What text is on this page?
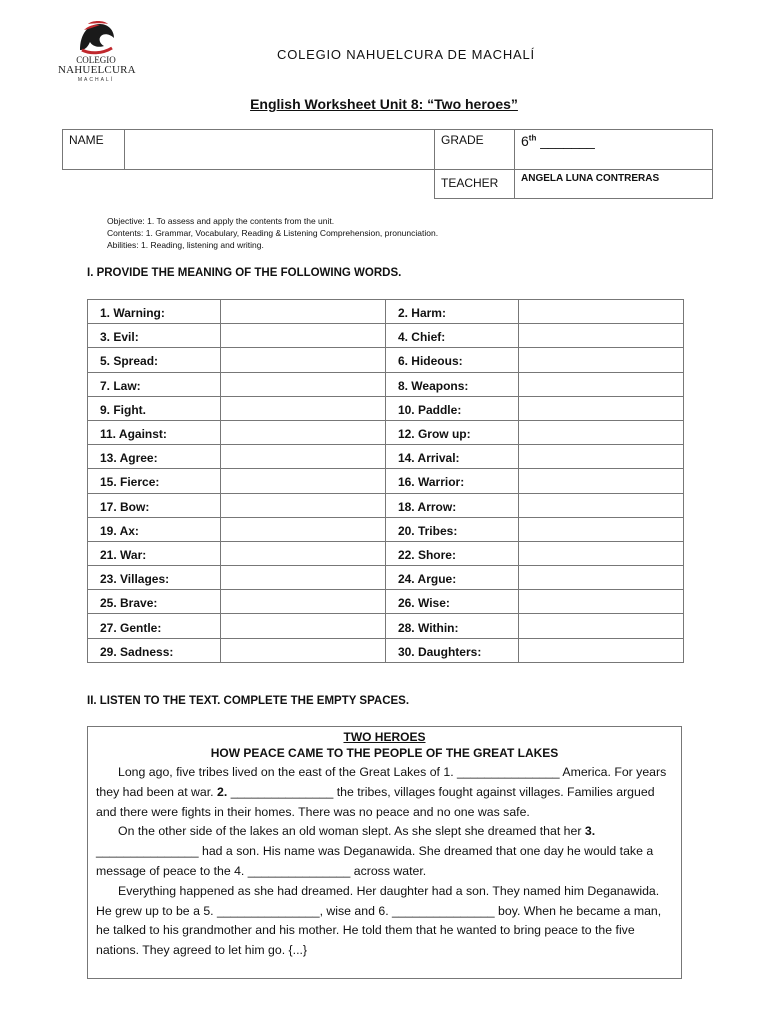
COLEGIO
NAHUELCURA
MACHALÍ
COLEGIO NAHUELCURA DE MACHALÍ
English Worksheet Unit 8: “Two heroes”
NAME		GRADE	6th _______
		TEACHER	ANGELA LUNA CONTRERAS
Objective: 1. To assess and apply the contents from the unit.
Contents: 1. Grammar, Vocabulary, Reading & Listening Comprehension, pronunciation.
Abilities: 1. Reading, listening and writing.
I. PROVIDE THE MEANING OF THE FOLLOWING WORDS.
1. Warning:		2. Harm:	
3. Evil:		4. Chief:	
5. Spread:		6. Hideous:	
7. Law:		8. Weapons:	
9. Fight.		10. Paddle:	
11. Against:		12. Grow up:	
13. Agree:		14. Arrival:	
15. Fierce:		16. Warrior:	
17. Bow:		18. Arrow:	
19. Ax:		20. Tribes:	
21. War:		22. Shore:	
23. Villages:		24. Argue:	
25. Brave:		26. Wise:	
27. Gentle:		28. Within:	
29. Sadness:		30. Daughters:	
II. LISTEN TO THE TEXT. COMPLETE THE EMPTY SPACES.
TWO HEROES
HOW PEACE CAME TO THE PEOPLE OF THE GREAT LAKES

Long ago, five tribes lived on the east of the Great Lakes of 1. _______________ America. For years they had been at war. 2. _______________ the tribes, villages fought against villages. Families argued and there were fights in their homes. There was no peace and no one was safe.

On the other side of the lakes an old woman slept. As she slept she dreamed that her 3. _______________ had a son. His name was Deganawida. She dreamed that one day he would take a message of peace to the 4. _______________ across water.

Everything happened as she had dreamed. Her daughter had a son. They named him Deganawida. He grew up to be a 5. _______________, wise and 6. _______________ boy. When he became a man, he talked to his grandmother and his mother. He told them that he wanted to bring peace to the five nations. They agreed to let him go. {...}
